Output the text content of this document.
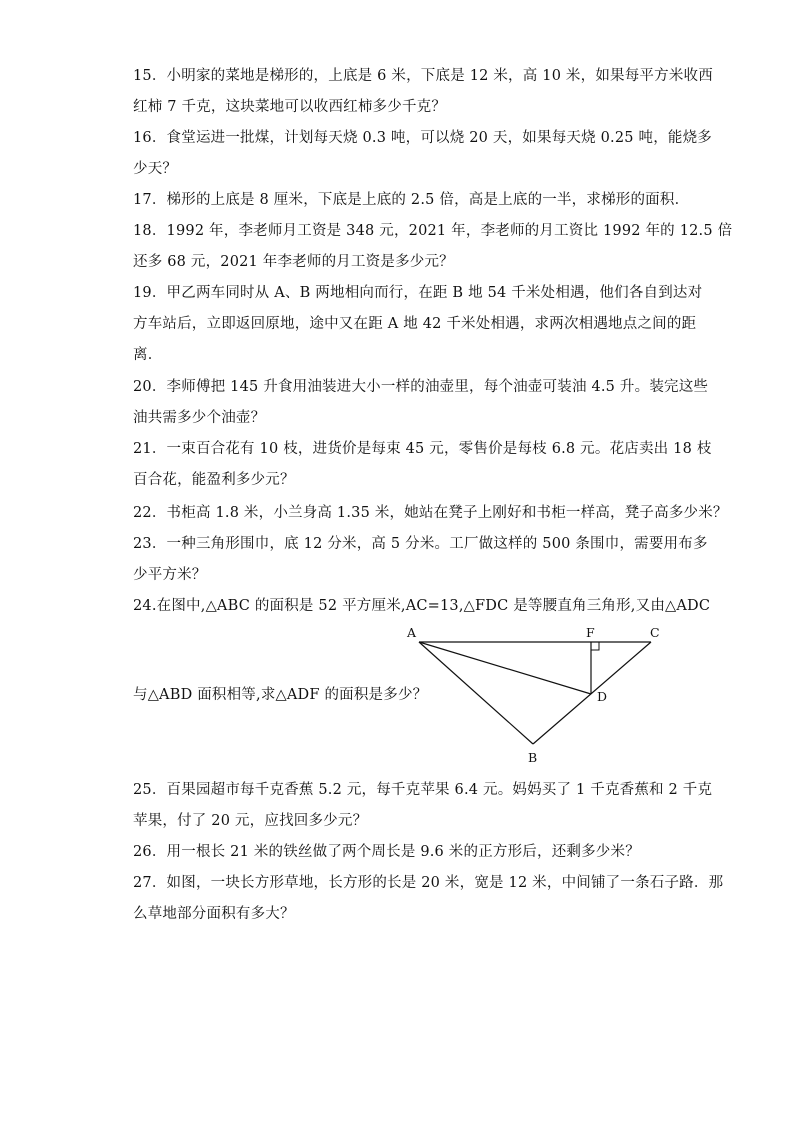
15．小明家的菜地是梯形的，上底是 6 米，下底是 12 米，高 10 米，如果每平方米收西
红柿 7 千克，这块菜地可以收西红柿多少千克？
16．食堂运进一批煤，计划每天烧 0.3 吨，可以烧 20 天，如果每天烧 0.25 吨，能烧多
少天？
17．梯形的上底是 8 厘米，下底是上底的 2.5 倍，高是上底的一半，求梯形的面积．
18．1992 年，李老师月工资是 348 元，2021 年，李老师的月工资比 1992 年的 12.5 倍
还多 68 元，2021 年李老师的月工资是多少元？
19．甲乙两车同时从 A、B 两地相向而行，在距 B 地 54 千米处相遇，他们各自到达对
方车站后，立即返回原地，途中又在距 A 地 42 千米处相遇，求两次相遇地点之间的距
离．
20．李师傅把 145 升食用油装进大小一样的油壶里，每个油壶可装油 4.5 升。装完这些
油共需多少个油壶？
21．一束百合花有 10 枝，进货价是每束 45 元，零售价是每枝 6.8 元。花店卖出 18 枝
百合花，能盈利多少元？
22．书柜高 1.8 米，小兰身高 1.35 米，她站在凳子上刚好和书柜一样高，凳子高多少米？
23．一种三角形围巾，底 12 分米，高 5 分米。工厂做这样的 500 条围巾，需要用布多
少平方米？
24.在图中,△ABC 的面积是 52 平方厘米,AC=13,△FDC 是等腰直角三角形,又由△ADC
与△ABD 面积相等,求△ADF 的面积是多少？
A	F	C
D
B
25．百果园超市每千克香蕉 5.2 元，每千克苹果 6.4 元。妈妈买了 1 千克香蕉和 2 千克
苹果，付了 20 元，应找回多少元？
26．用一根长 21 米的铁丝做了两个周长是 9.6 米的正方形后，还剩多少米？
27．如图，一块长方形草地，长方形的长是 20 米，宽是 12 米，中间铺了一条石子路．那
么草地部分面积有多大？
